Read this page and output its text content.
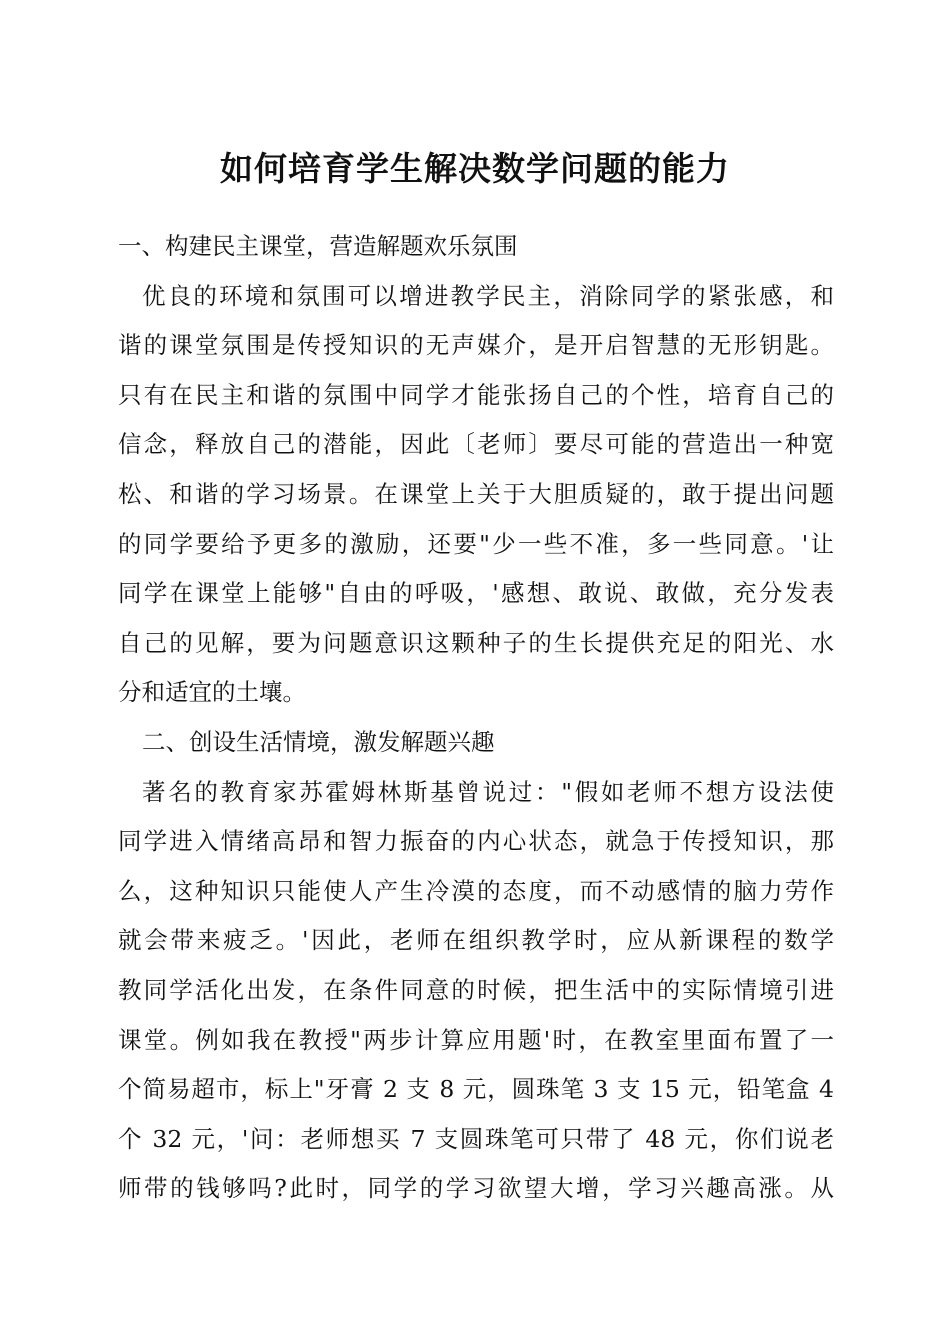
如何培育学生解决数学问题的能力
一、构建民主课堂，营造解题欢乐氛围
优良的环境和氛围可以增进教学民主，消除同学的紧张感，和
谐的课堂氛围是传授知识的无声媒介，是开启智慧的无形钥匙。
只有在民主和谐的氛围中同学才能张扬自己的个性，培育自己的
信念，释放自己的潜能，因此〔老师〕要尽可能的营造出一种宽
松、和谐的学习场景。在课堂上关于大胆质疑的，敢于提出问题
的同学要给予更多的激励，还要"少一些不准，多一些同意。'让
同学在课堂上能够"自由的呼吸，'感想、敢说、敢做，充分发表
自己的见解，要为问题意识这颗种子的生长提供充足的阳光、水
分和适宜的土壤。
二、创设生活情境，激发解题兴趣
著名的教育家苏霍姆林斯基曾说过："假如老师不想方设法使
同学进入情绪高昂和智力振奋的内心状态，就急于传授知识，那
么，这种知识只能使人产生冷漠的态度，而不动感情的脑力劳作
就会带来疲乏。'因此，老师在组织教学时，应从新课程的数学
教同学活化出发，在条件同意的时候，把生活中的实际情境引进
课堂。例如我在教授"两步计算应用题'时，在教室里面布置了一
个简易超市，标上"牙膏 2 支 8 元，圆珠笔 3 支 15 元，铅笔盒 4
个 32 元，'问：老师想买 7 支圆珠笔可只带了 48 元，你们说老
师带的钱够吗?此时，同学的学习欲望大增，学习兴趣高涨。从
